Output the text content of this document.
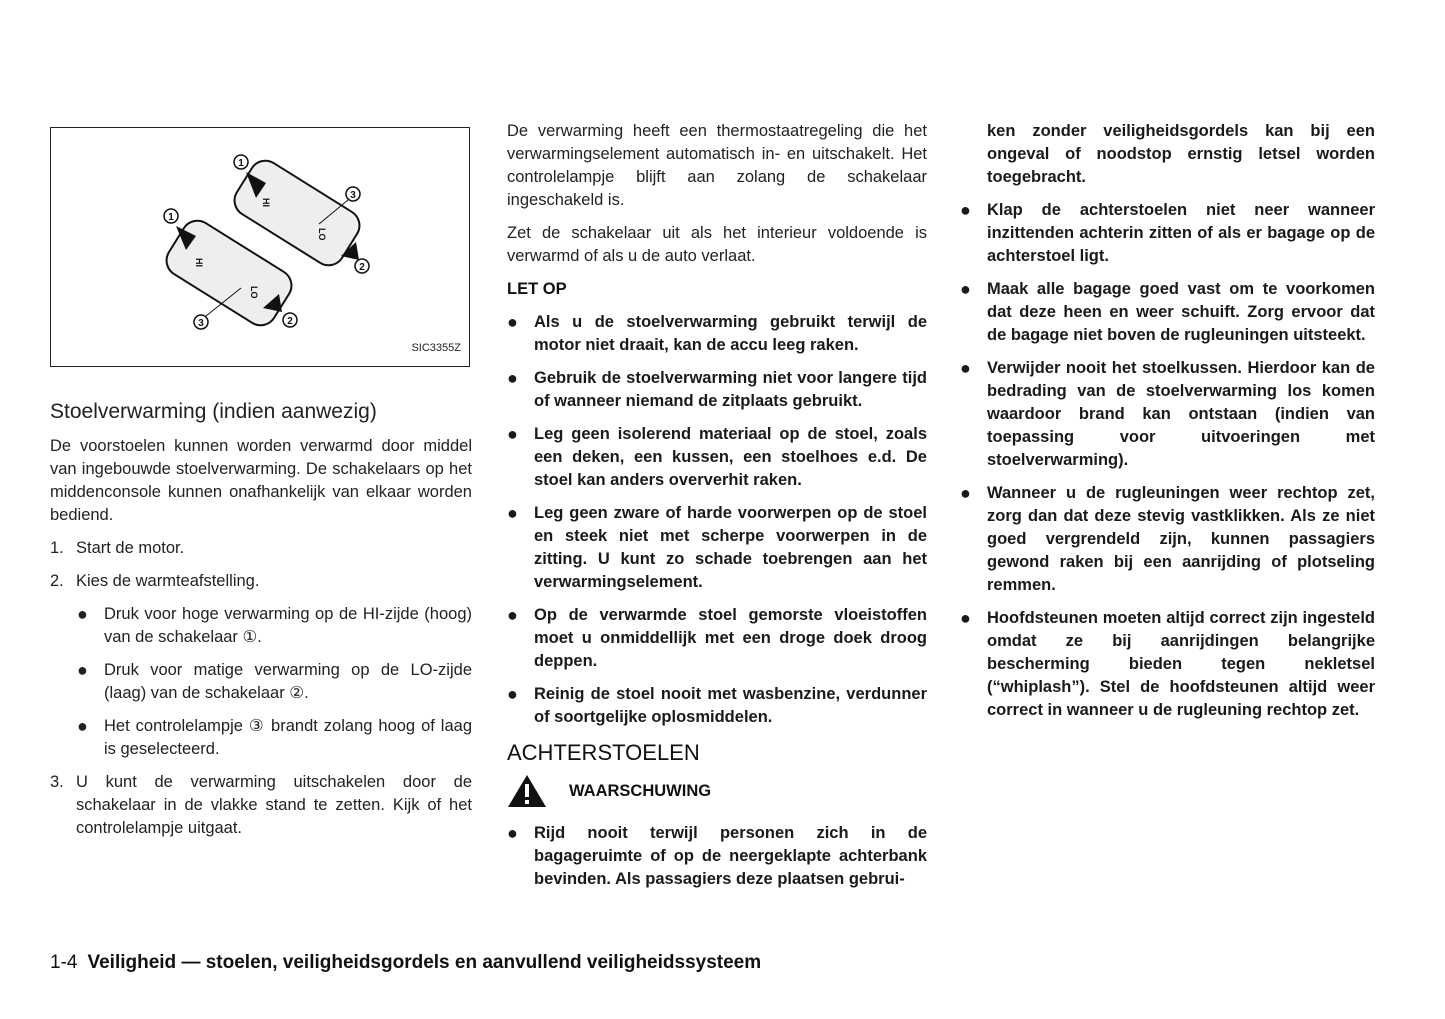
HI
LO
HI
LO
1
1
3
2
3	2
SIC3355Z
Stoelverwarming (indien aanwezig)

De voorstoelen kunnen worden verwarmd door middel van ingebouwde stoelverwarming. De schakelaars op het middenconsole kunnen onafhankelijk van elkaar worden bediend.

1. Start de motor.
2. Kies de warmteafstelling.
● Druk voor hoge verwarming op de HI-zijde (hoog) van de schakelaar ①.
● Druk voor matige verwarming op de LO-zijde (laag) van de schakelaar ②.
● Het controlelampje ③ brandt zolang hoog of laag is geselecteerd.
3. U kunt de verwarming uitschakelen door de schakelaar in de vlakke stand te zetten. Kijk of het controlelampje uitgaat.

De verwarming heeft een thermostaatregeling die het verwarmingselement automatisch in- en uitschakelt. Het controlelampje blijft aan zolang de schakelaar ingeschakeld is.

Zet de schakelaar uit als het interieur voldoende is verwarmd of als u de auto verlaat.

LET OP
● Als u de stoelverwarming gebruikt terwijl de motor niet draait, kan de accu leeg raken.
● Gebruik de stoelverwarming niet voor langere tijd of wanneer niemand de zitplaats gebruikt.
● Leg geen isolerend materiaal op de stoel, zoals een deken, een kussen, een stoelhoes e.d. De stoel kan anders oververhit raken.
● Leg geen zware of harde voorwerpen op de stoel en steek niet met scherpe voorwerpen in de zitting. U kunt zo schade toebrengen aan het verwarmingselement.
● Op de verwarmde stoel gemorste vloeistoffen moet u onmiddellijk met een droge doek droog deppen.
● Reinig de stoel nooit met wasbenzine, verdunner of soortgelijke oplosmiddelen.
ACHTERSTOELEN
WAARSCHUWING
● Rijd nooit terwijl personen zich in de bagageruimte of op de neergeklapte achterbank bevinden. Als passagiers deze plaatsen gebrui-

ken zonder veiligheidsgordels kan bij een ongeval of noodstop ernstig letsel worden toegebracht.

● Klap de achterstoelen niet neer wanneer inzittenden achterin zitten of als er bagage op de achterstoel ligt.
● Maak alle bagage goed vast om te voorkomen dat deze heen en weer schuift. Zorg ervoor dat de bagage niet boven de rugleuningen uitsteekt.
● Verwijder nooit het stoelkussen. Hierdoor kan de bedrading van de stoelverwarming los komen waardoor brand kan ontstaan (indien van toepassing voor uitvoeringen met stoelverwarming).
● Wanneer u de rugleuningen weer rechtop zet, zorg dan dat deze stevig vastklikken. Als ze niet goed vergrendeld zijn, kunnen passagiers gewond raken bij een aanrijding of plotseling remmen.
● Hoofdsteunen moeten altijd correct zijn ingesteld omdat ze bij aanrijdingen belangrijke bescherming bieden tegen nekletsel (“whiplash”). Stel de hoofdsteunen altijd weer correct in wanneer u de rugleuning rechtop zet.
1-4 Veiligheid — stoelen, veiligheidsgordels en aanvullend veiligheidssysteem
